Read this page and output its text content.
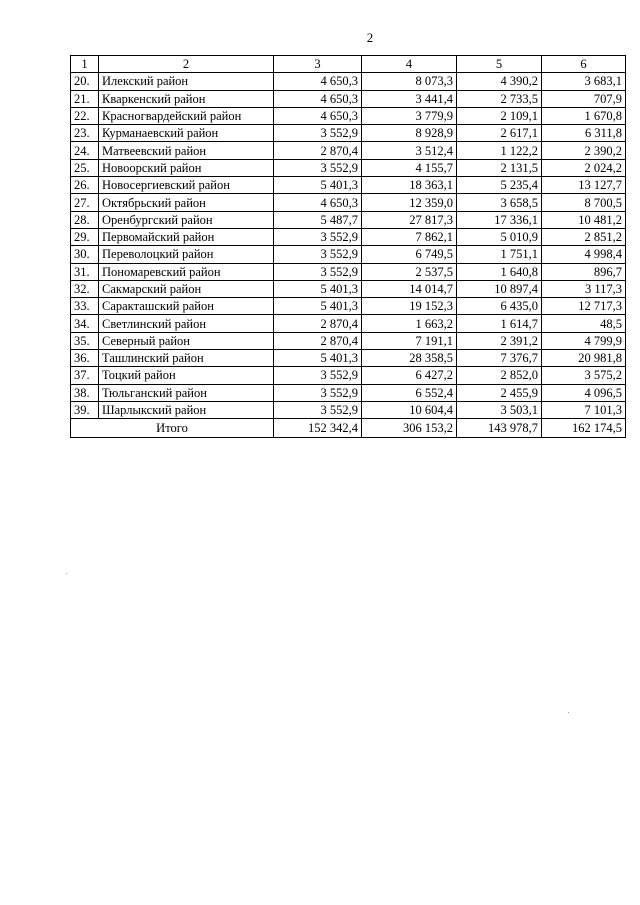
2
1	2	3	4	5	6
20.	Илекский район	4 650,3	8 073,3	4 390,2	3 683,1
21.	Кваркенский район	4 650,3	3 441,4	2 733,5	707,9
22.	Красногвардейский район	4 650,3	3 779,9	2 109,1	1 670,8
23.	Курманаевский район	3 552,9	8 928,9	2 617,1	6 311,8
24.	Матвеевский район	2 870,4	3 512,4	1 122,2	2 390,2
25.	Новоорский район	3 552,9	4 155,7	2 131,5	2 024,2
26.	Новосергиевский район	5 401,3	18 363,1	5 235,4	13 127,7
27.	Октябрьский район	4 650,3	12 359,0	3 658,5	8 700,5
28.	Оренбургский район	5 487,7	27 817,3	17 336,1	10 481,2
29.	Первомайский район	3 552,9	7 862,1	5 010,9	2 851,2
30.	Переволоцкий район	3 552,9	6 749,5	1 751,1	4 998,4
31.	Пономаревский район	3 552,9	2 537,5	1 640,8	896,7
32.	Сакмарский район	5 401,3	14 014,7	10 897,4	3 117,3
33.	Саракташский район	5 401,3	19 152,3	6 435,0	12 717,3
34.	Светлинский район	2 870,4	1 663,2	1 614,7	48,5
35.	Северный район	2 870,4	7 191,1	2 391,2	4 799,9
36.	Ташлинский район	5 401,3	28 358,5	7 376,7	20 981,8
37.	Тоцкий район	3 552,9	6 427,2	2 852,0	3 575,2
38.	Тюльганский район	3 552,9	6 552,4	2 455,9	4 096,5
39.	Шарлыкский район	3 552,9	10 604,4	3 503,1	7 101,3
Итого		152 342,4	306 153,2	143 978,7	162 174,5
